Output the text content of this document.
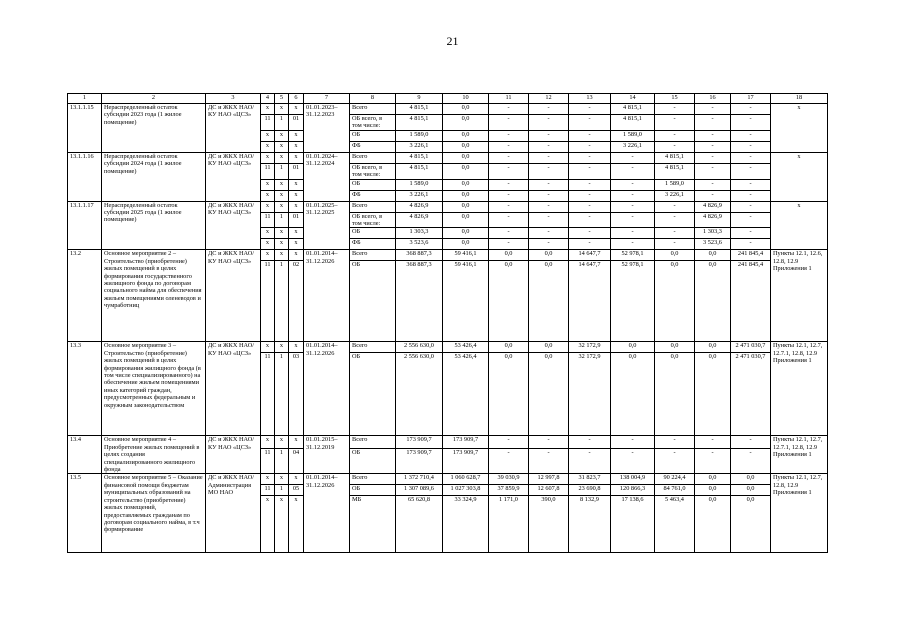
21
1	2	3	4	5	6	7	8	9	10	11	12	13	14	15	16	17	18
13.1.1.15	Нераспределенный остаток субсидии 2023 года (1 жилое помещение)	ДС и ЖКХ НАО/ КУ НАО «ЦСЗ»	х	х	х	01.01.2023– 31.12.2023	Всего	4 815,1	0,0	-	-	-	4 815,1	-	-	-	х
			11	1	01		ОБ всего, в том числе:	4 815,1	0,0	-	-	-	4 815,1	-	-	-	
			х	х	х		ОБ	1 589,0	0,0	-	-	-	1 589,0	-	-	-	
			х	х	х		ФБ	3 226,1	0,0	-	-	-	3 226,1	-	-	-	
13.1.1.16	Нераспределенный остаток субсидии 2024 года (1 жилое помещение)	ДС и ЖКХ НАО/ КУ НАО «ЦСЗ»	х	х	х	01.01.2024– 31.12.2024	Всего	4 815,1	0,0	-	-	-	-	4 815,1	-	-	х
			11	1	01		ОБ всего, в том числе:	4 815,1	0,0	-	-	-	-	4 815,1	-	-	
			х	х	х		ОБ	1 589,0	0,0	-	-	-	-	1 589,0	-	-	
			х	х	х		ФБ	3 226,1	0,0	-	-	-	-	3 226,1	-	-	
13.1.1.17	Нераспределенный остаток субсидии 2025 года (1 жилое помещение)	ДС и ЖКХ НАО/ КУ НАО «ЦСЗ»	х	х	х	01.01.2025– 31.12.2025	Всего	4 826,9	0,0	-	-	-	-	-	4 826,9	-	х
			11	1	01		ОБ всего, в том числе:	4 826,9	0,0	-	-	-	-	-	4 826,9	-	
			х	х	х		ОБ	1 303,3	0,0	-	-	-	-	-	1 303,3	-	
			х	х	х		ФБ	3 523,6	0,0	-	-	-	-	-	3 523,6	-	
13.2	Основное мероприятие 2 – Строительство (приобретение) жилых помещений в целях формирования государственного жилищного фонда по договорам социального найма для обеспечения жильем помещениями оленеводов и чумработниц	ДС и ЖКХ НАО/ КУ НАО «ЦСЗ»	х	х	х	01.01.2014– 31.12.2026	Всего	368 887,3	59 416,1	0,0	0,0	14 647,7	52 978,1	0,0	0,0	241 845,4	Пункты 12.1, 12.6, 12.8, 12.9 Приложения 1
			11	1	02		ОБ	368 887,3	59 416,1	0,0	0,0	14 647,7	52 978,1	0,0	0,0	241 845,4	
13.3	Основное мероприятие 3 – Строительство (приобретение) жилых помещений в целях формирования жилищного фонда (в том числе специализированного) на обеспечение жильем помещениями иных категорий граждан, предусмотренных федеральным и окружным законодательством	ДС и ЖКХ НАО/ КУ НАО «ЦСЗ»	х	х	х	01.01.2014– 31.12.2026	Всего	2 556 630,0	53 426,4	0,0	0,0	32 172,9	0,0	0,0	0,0	2 471 030,7	Пункты 12.1, 12.7, 12.7.1, 12.8, 12.9 Приложения 1
			11	1	03		ОБ	2 556 630,0	53 426,4	0,0	0,0	32 172,9	0,0	0,0	0,0	2 471 030,7	
13.4	Основное мероприятие 4 – Приобретение жилых помещений в целях создания специализированного жилищного фонда	ДС и ЖКХ НАО/ КУ НАО «ЦСЗ»	х	х	х	01.01.2015– 31.12.2019	Всего	173 909,7	173 909,7	-	-	-	-	-	-	-	Пункты 12.1, 12.7, 12.7.1, 12.8, 12.9 Приложения 1
			11	1	04		ОБ	173 909,7	173 909,7	-	-	-	-	-	-	-	
13.5	Основное мероприятие 5 – Оказание финансовой помощи бюджетам муниципальных образований на строительство (приобретение) жилых помещений, предоставляемых гражданам по договорам социального найма, в т.ч формирование	ДС и ЖКХ НАО/ Администрация МО НАО	х	х	х	01.01.2014– 31.12.2026	Всего	1 372 710,4	1 060 628,7	39 030,9	12 997,8	31 823,7	138 004,9	90 224,4	0,0	0,0	Пункты 12.1, 12.7, 12.8, 12.9 Приложения 1
			11	1	05		ОБ	1 307 089,6	1 027 303,8	37 859,9	12 607,8	23 690,8	120 866,3	84 761,0	0,0	0,0	
			х	х	х		МБ	65 620,8	33 324,9	1 171,0	390,0	8 132,9	17 138,6	5 463,4	0,0	0,0	
